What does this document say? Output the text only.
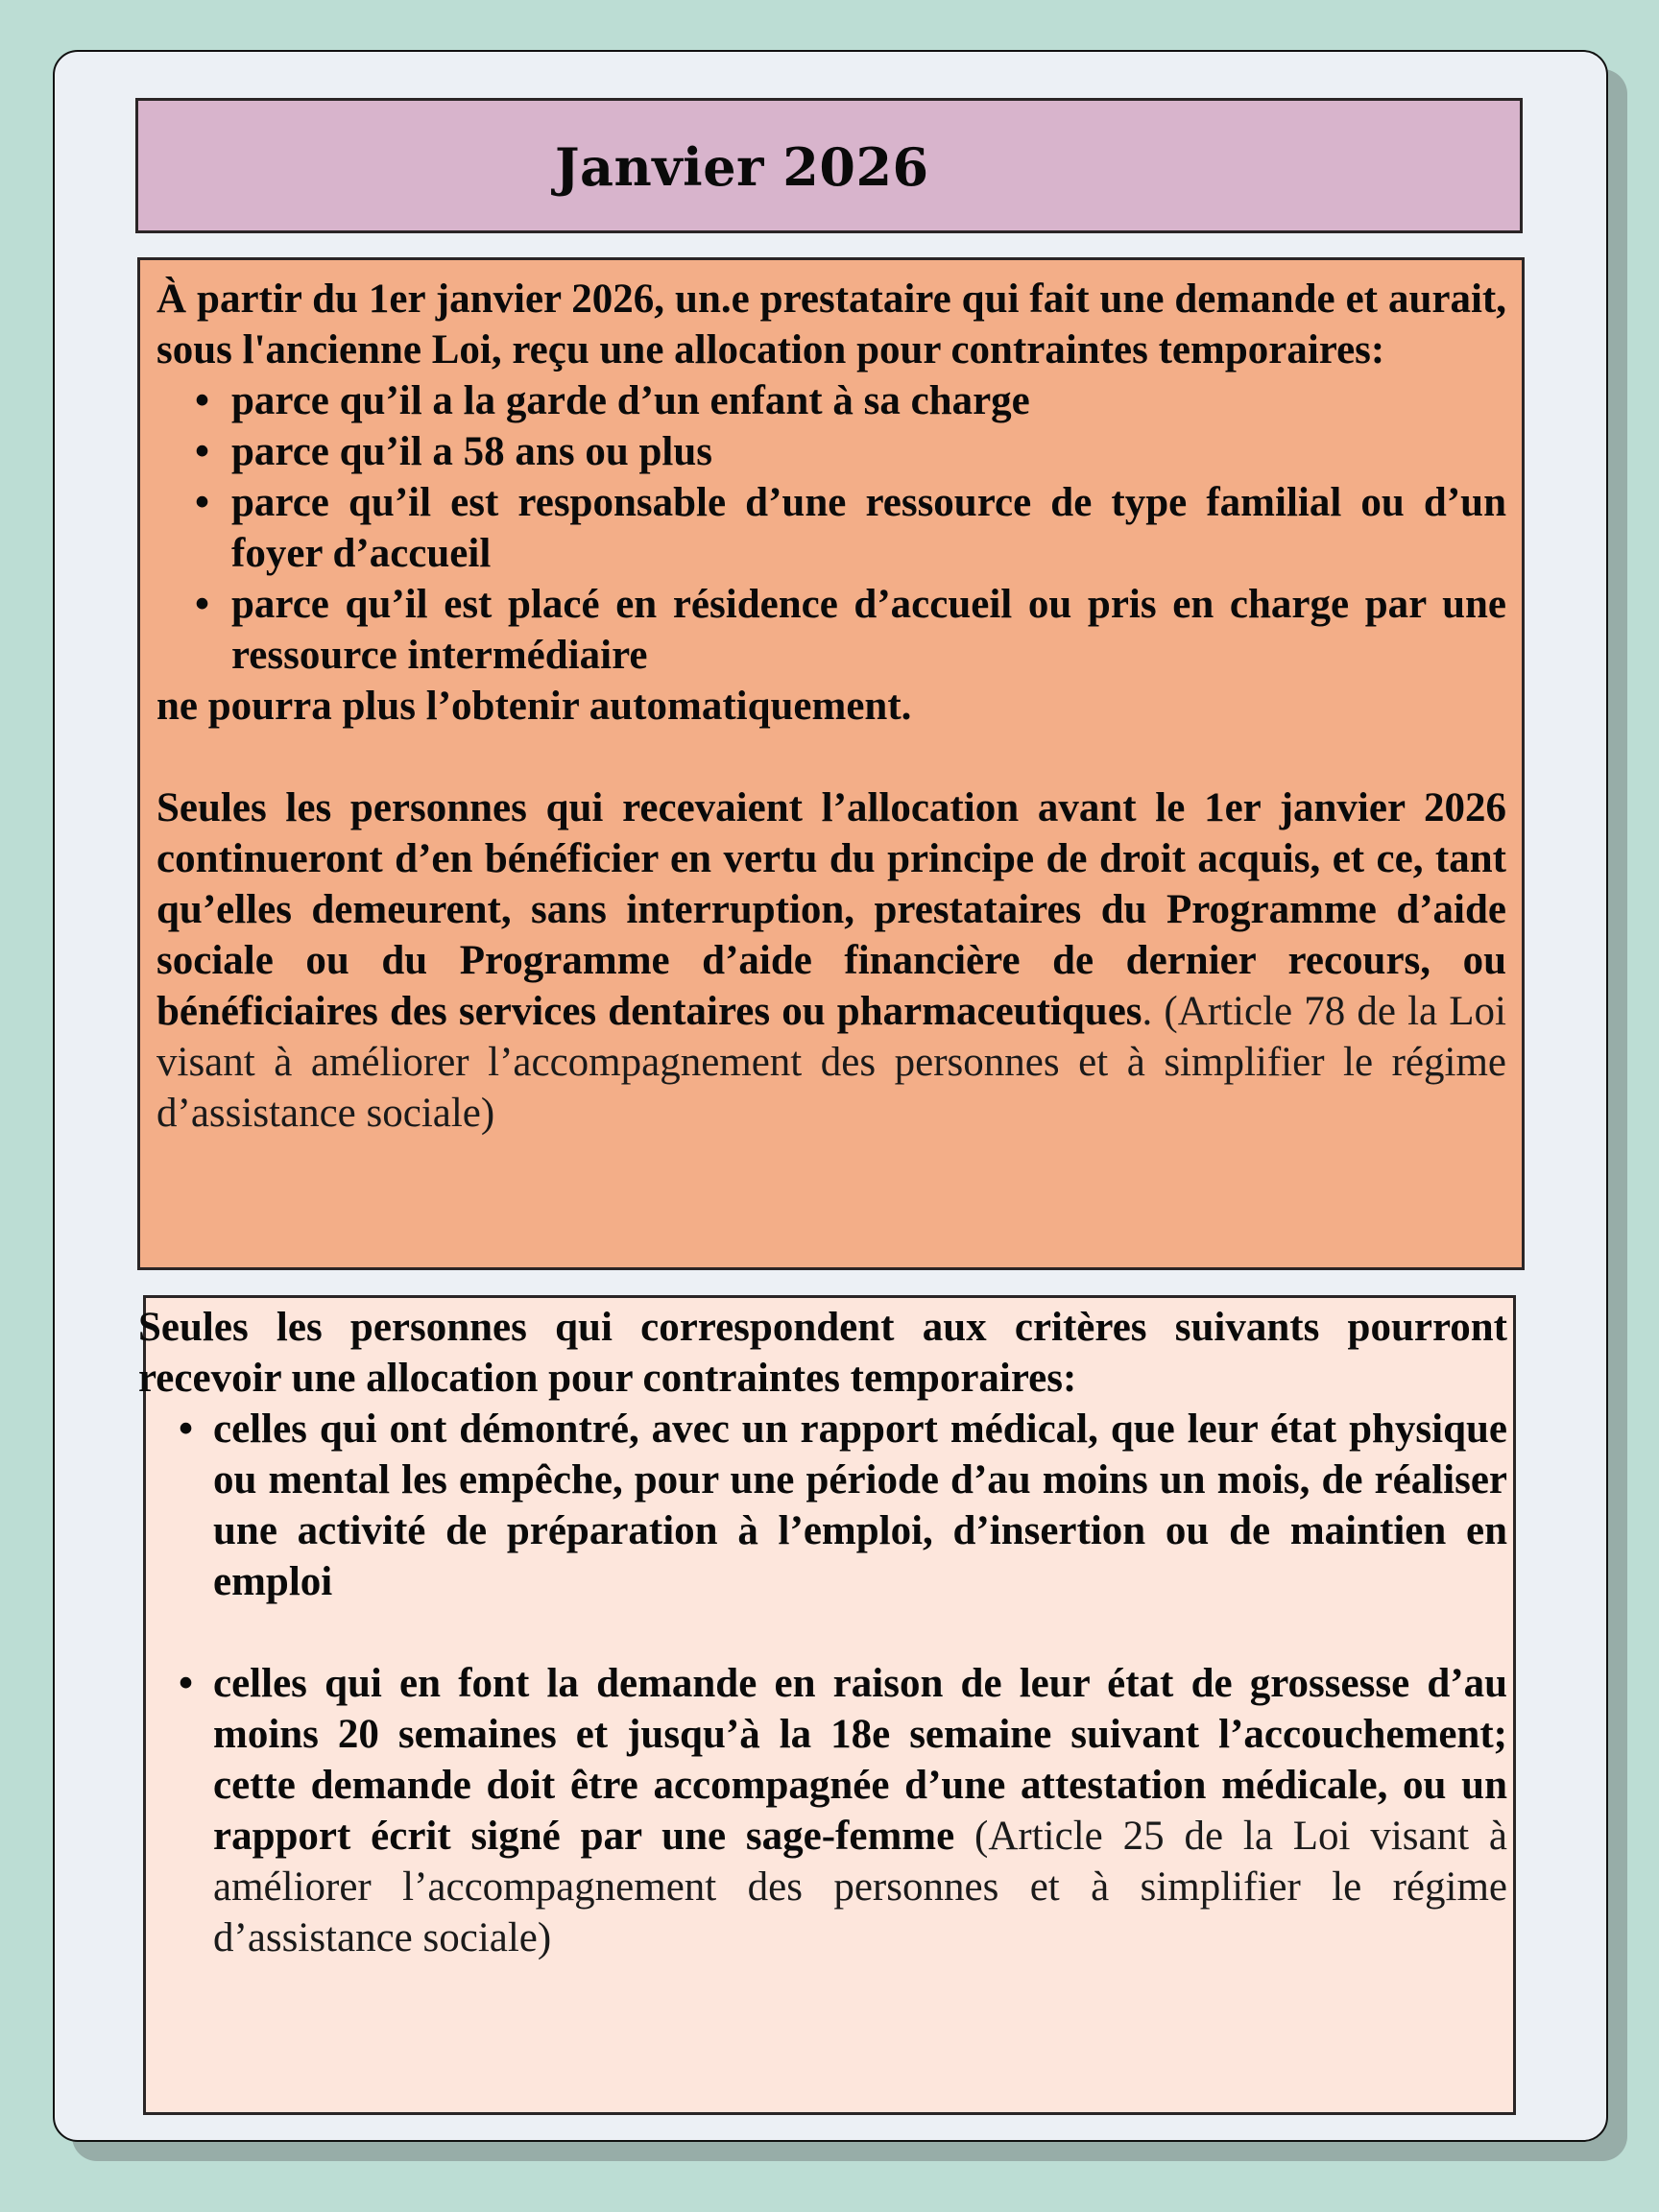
Janvier 2026

À partir du 1er janvier 2026, un.e prestataire qui fait une demande et aurait, sous l'ancienne Loi, reçu une allocation pour contraintes temporaires:

• parce qu’il a la garde d’un enfant à sa charge
• parce qu’il a 58 ans ou plus
• parce qu’il est responsable d’une ressource de type familial ou d’un foyer d’accueil
• parce qu’il est placé en résidence d’accueil ou pris en charge par une ressource intermédiaire

ne pourra plus l’obtenir automatiquement.

Seules les personnes qui recevaient l’allocation avant le 1er janvier 2026 continueront d’en bénéficier en vertu du principe de droit acquis, et ce, tant qu’elles demeurent, sans interruption, prestataires du Programme d’aide sociale ou du Programme d’aide financière de dernier recours, ou bénéficiaires des services dentaires ou pharmaceutiques. (Article 78 de la Loi visant à améliorer l’accompagnement des personnes et à simplifier le régime d’assistance sociale)

Seules les personnes qui correspondent aux critères suivants pourront recevoir une allocation pour contraintes temporaires:

• celles qui ont démontré, avec un rapport médical, que leur état physique ou mental les empêche, pour une période d’au moins un mois, de réaliser une activité de préparation à l’emploi, d’insertion ou de maintien en emploi
• celles qui en font la demande en raison de leur état de grossesse d’au moins 20 semaines et jusqu’à la 18e semaine suivant l’accouchement; cette demande doit être accompagnée d’une attestation médicale, ou un rapport écrit signé par une sage-femme (Article 25 de la Loi visant à améliorer l’accompagnement des personnes et à simplifier le régime d’assistance sociale)
